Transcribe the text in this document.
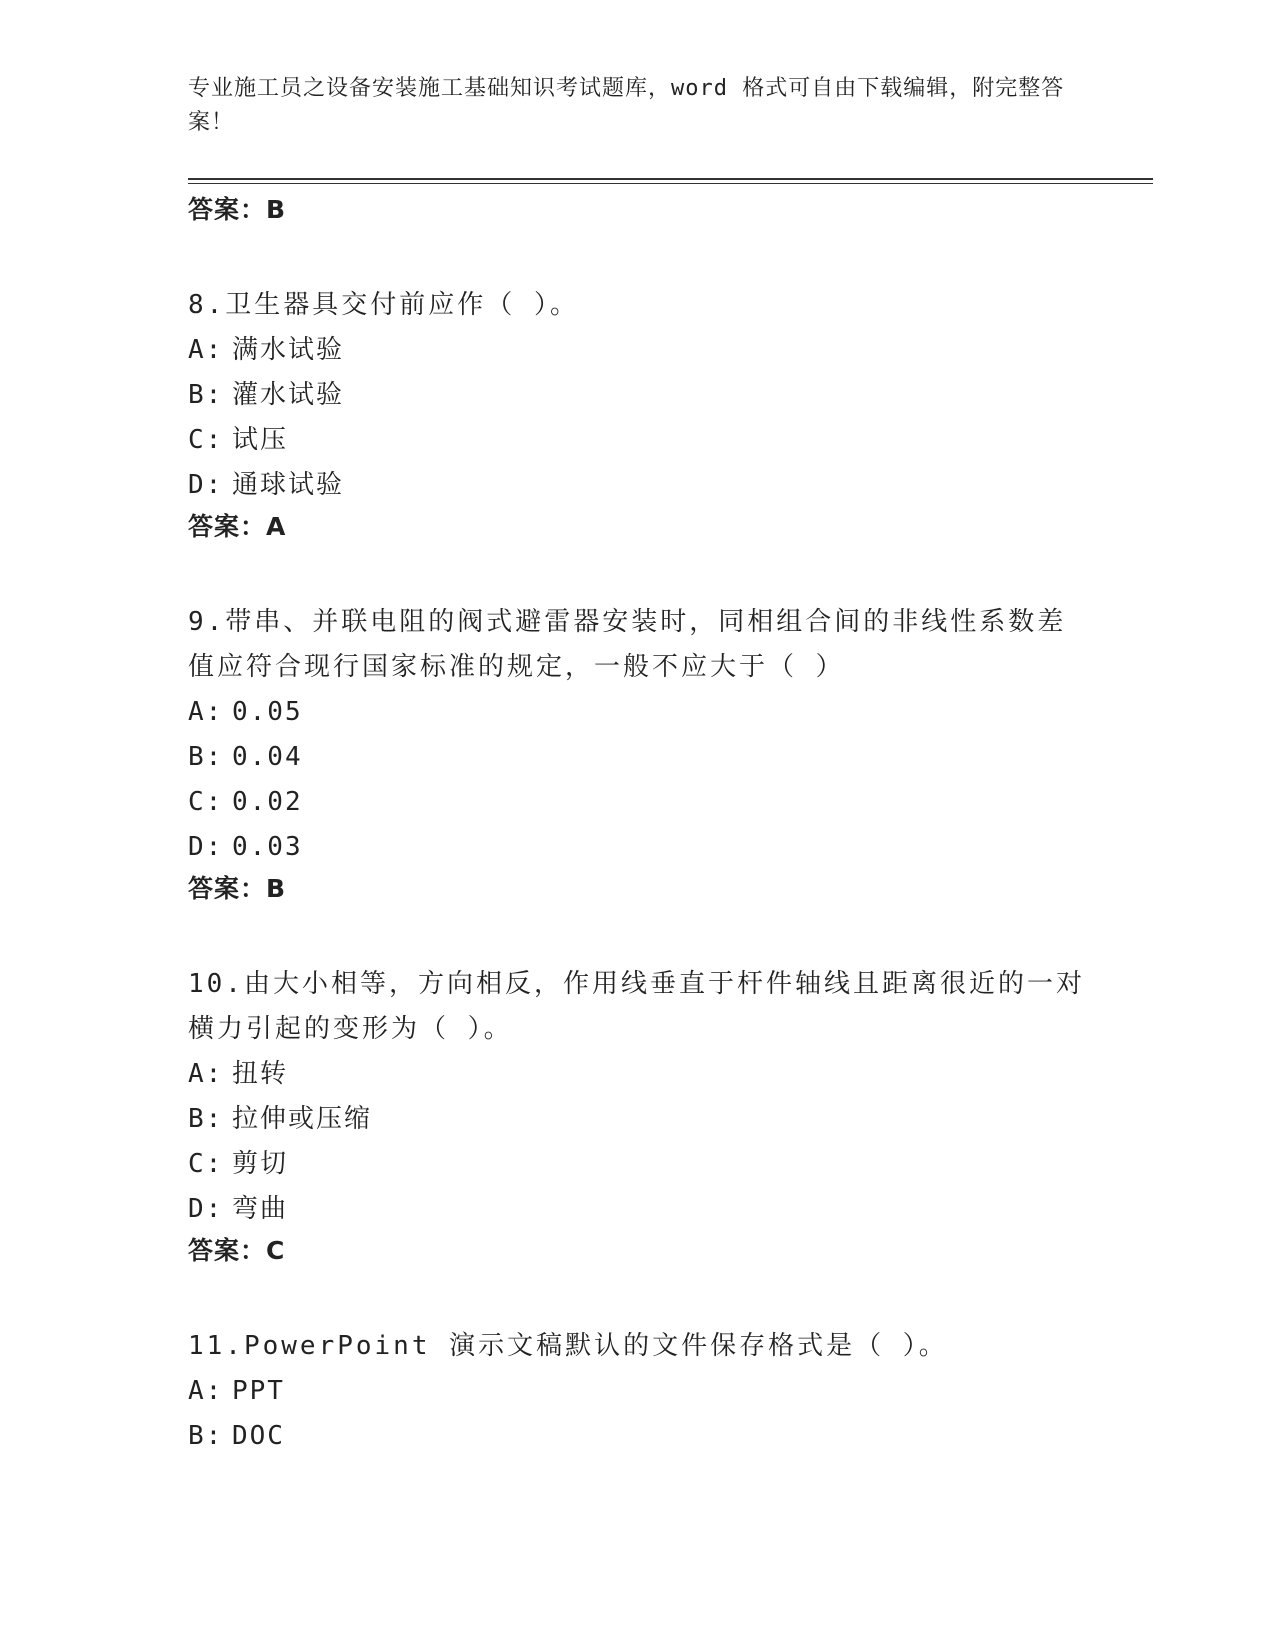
专业施工员之设备安装施工基础知识考试题库，word 格式可自由下载编辑，附完整答案！
答案：B
8.卫生器具交付前应作（ ）。
A: 满水试验
B: 灌水试验
C: 试压
D: 通球试验
答案：A
9.带串、并联电阻的阀式避雷器安装时，同相组合间的非线性系数差值应符合现行国家标准的规定，一般不应大于（ ）
A: 0.05
B: 0.04
C: 0.02
D: 0.03
答案：B
10.由大小相等，方向相反，作用线垂直于杆件轴线且距离很近的一对横力引起的变形为（ ）。
A: 扭转
B: 拉伸或压缩
C: 剪切
D: 弯曲
答案：C
11.PowerPoint 演示文稿默认的文件保存格式是（ ）。
A: PPT
B: DOC
